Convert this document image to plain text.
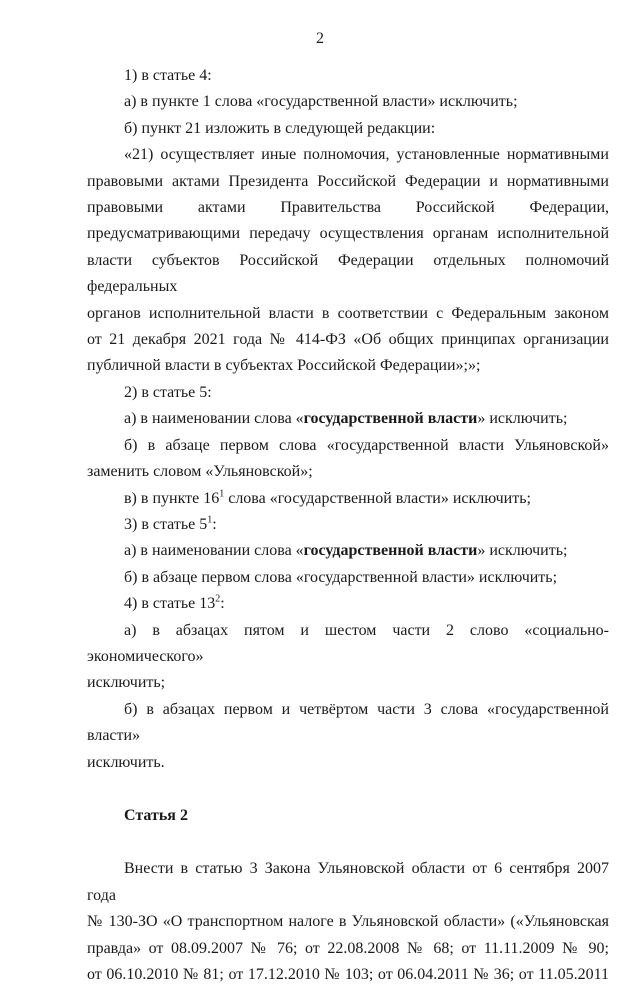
2

1) в статье 4:

а) в пункте 1 слова «государственной власти» исключить;

б) пункт 21 изложить в следующей редакции:

«21) осуществляет иные полномочия, установленные нормативными

правовыми актами Президента Российской Федерации и нормативными

правовыми актами Правительства Российской Федерации,

предусматривающими передачу осуществления органам исполнительной

власти субъектов Российской Федерации отдельных полномочий федеральных

органов исполнительной власти в соответствии с Федеральным законом

от 21 декабря 2021 года № 414-ФЗ «Об общих принципах организации

публичной власти в субъектах Российской Федерации»;»;

2) в статье 5:

а) в наименовании слова «государственной власти» исключить;

б) в абзаце первом слова «государственной власти Ульяновской»

заменить словом «Ульяновской»;

в) в пункте $16^1$ слова «государственной власти» исключить;

3) в статье $5^1$:

а) в наименовании слова «государственной власти» исключить;

б) в абзаце первом слова «государственной власти» исключить;

4) в статье $13^2$:

а) в абзацах пятом и шестом части 2 слово «социально-экономического»

исключить;

б) в абзацах первом и четвёртом части 3 слова «государственной власти»

исключить.

Статья 2

Внести в статью 3 Закона Ульяновской области от 6 сентября 2007 года

№ 130-ЗО «О транспортном налоге в Ульяновской области» («Ульяновская

правда» от 08.09.2007 № 76; от 22.08.2008 № 68; от 11.11.2009 № 90;

от 06.10.2010 № 81; от 17.12.2010 № 103; от 06.04.2011 № 36; от 11.05.2011
